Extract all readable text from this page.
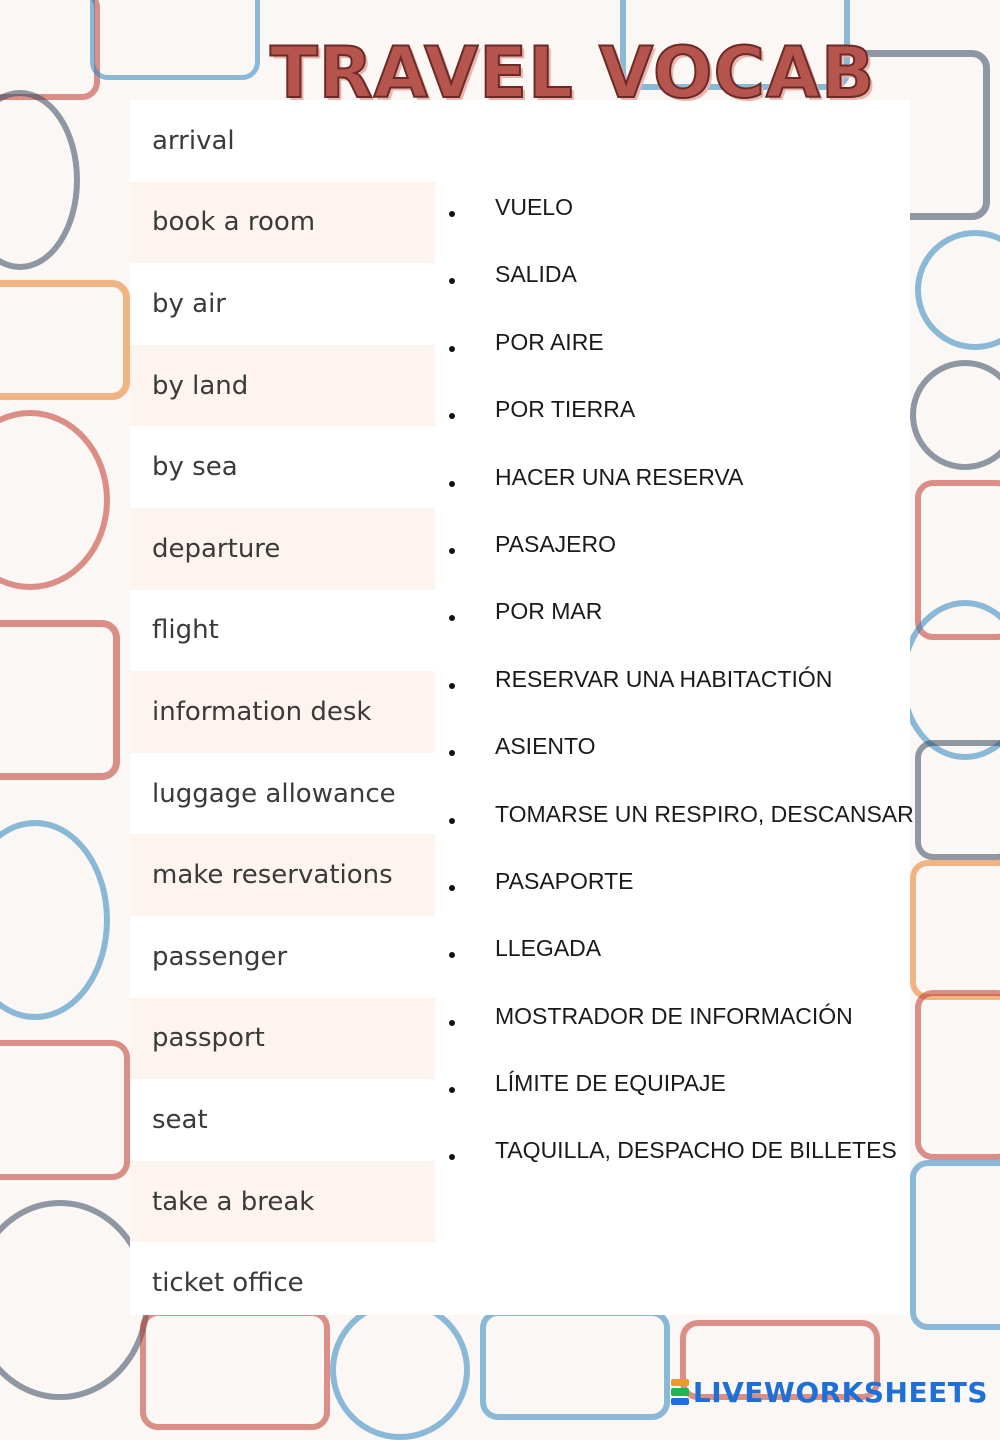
TRAVEL VOCAB
arrival
book a room
by air
by land
by sea
departure
flight
information desk
luggage allowance
make reservations
passenger
passport
seat
take a break
ticket office
VUELO
SALIDA
POR AIRE
POR TIERRA
HACER UNA RESERVA
PASAJERO
POR MAR
RESERVAR UNA HABITACTIÓN
ASIENTO
TOMARSE UN RESPIRO, DESCANSAR
PASAPORTE
LLEGADA
MOSTRADOR DE INFORMACIÓN
LÍMITE DE EQUIPAJE
TAQUILLA, DESPACHO DE BILLETES
LIVEWORKSHEETS
